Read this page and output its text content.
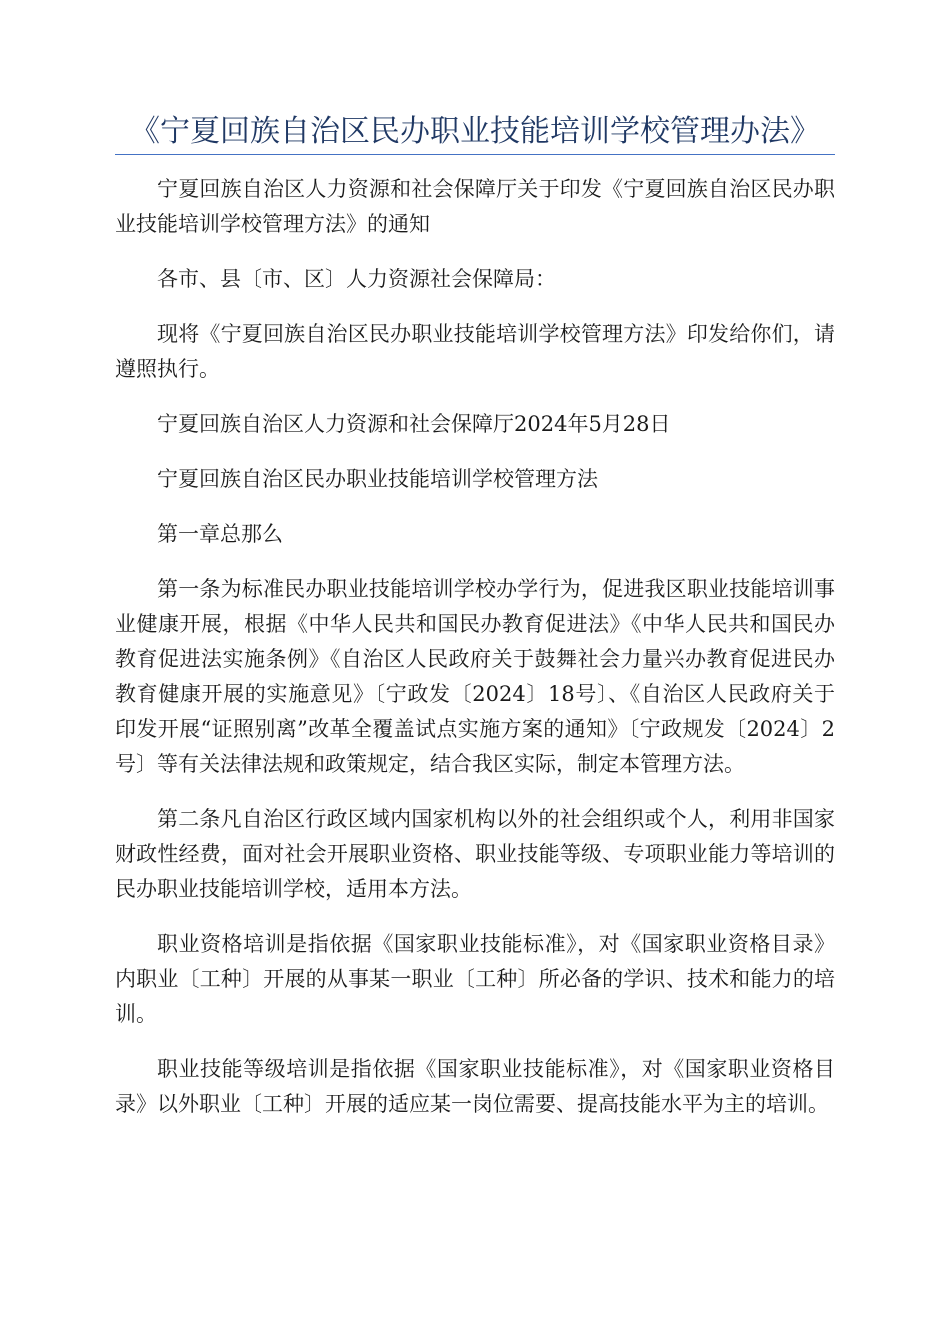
《宁夏回族自治区民办职业技能培训学校管理办法》

宁夏回族自治区人力资源和社会保障厅关于印发《宁夏回族自治区民办职业技能培训学校管理方法》的通知

各市、县〔市、区〕人力资源社会保障局：

现将《宁夏回族自治区民办职业技能培训学校管理方法》印发给你们，请遵照执行。

宁夏回族自治区人力资源和社会保障厅2024年5月28日

宁夏回族自治区民办职业技能培训学校管理方法

第一章总那么

第一条为标准民办职业技能培训学校办学行为，促进我区职业技能培训事业健康开展，根据《中华人民共和国民办教育促进法》《中华人民共和国民办教育促进法实施条例》《自治区人民政府关于鼓舞社会力量兴办教育促进民办教育健康开展的实施意见》〔宁政发〔2024〕18号〕、《自治区人民政府关于印发开展“证照别离”改革全覆盖试点实施方案的通知》〔宁政规发〔2024〕2号〕等有关法律法规和政策规定，结合我区实际，制定本管理方法。

第二条凡自治区行政区域内国家机构以外的社会组织或个人，利用非国家财政性经费，面对社会开展职业资格、职业技能等级、专项职业能力等培训的民办职业技能培训学校，适用本方法。

职业资格培训是指依据《国家职业技能标准》，对《国家职业资格目录》内职业〔工种〕开展的从事某一职业〔工种〕所必备的学识、技术和能力的培训。

职业技能等级培训是指依据《国家职业技能标准》，对《国家职业资格目录》以外职业〔工种〕开展的适应某一岗位需要、提高技能水平为主的培训。
